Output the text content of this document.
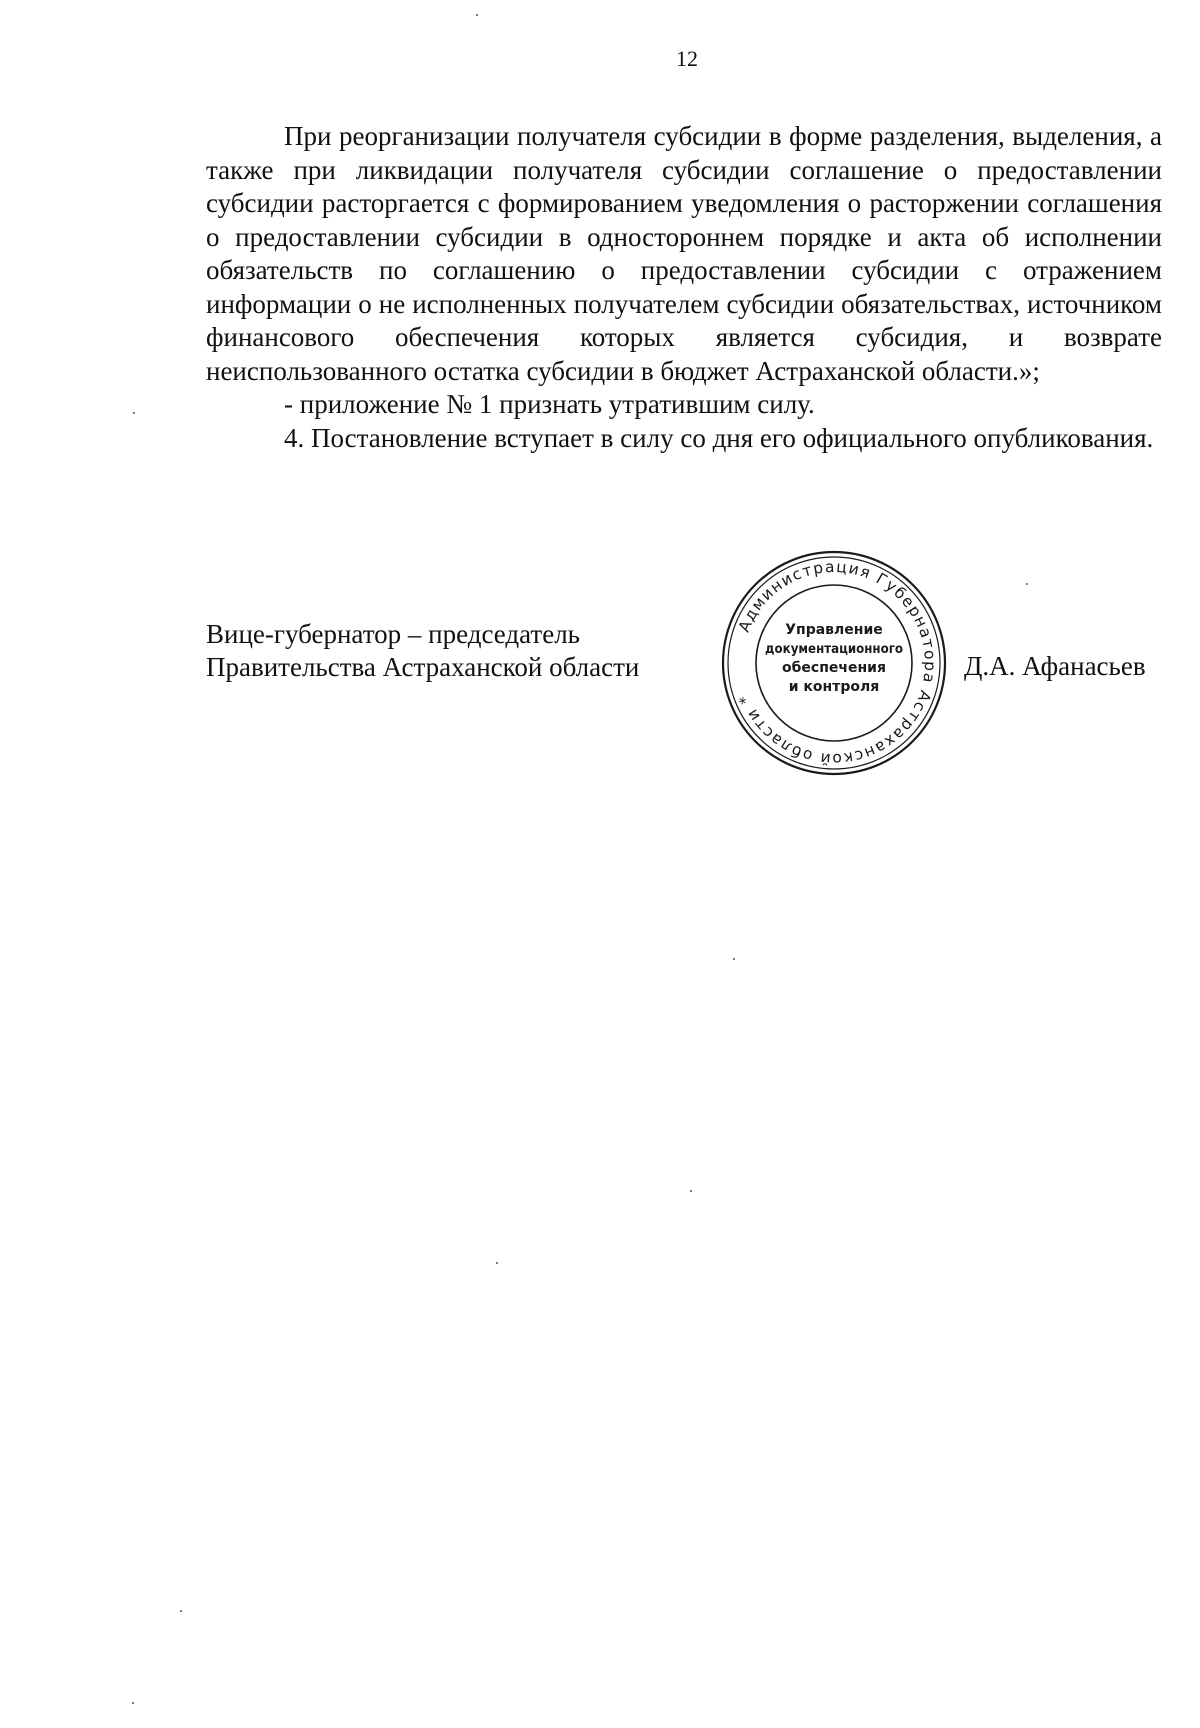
12

При реорганизации получателя субсидии в форме разделения, выделения, а также при ликвидации получателя субсидии соглашение о предоставлении субсидии расторгается с формированием уведомления о расторжении соглашения о предоставлении субсидии в одностороннем порядке и акта об исполнении обязательств по соглашению о предоставлении субсидии с отражением информации о не исполненных получателем субсидии обязательствах, источником финансового обеспечения которых является субсидия, и возврате неиспользованного остатка субсидии в бюджет Астраханской области.»;

- приложение № 1 признать утратившим силу.

4. Постановление вступает в силу со дня его официального опубликования.

Вице-губернатор – председатель
Правительства Астраханской области	Д.А. Афанасьев
Администрация Губернатора Астраханской области *
Управление
документационного
обеспечения
и контроля
